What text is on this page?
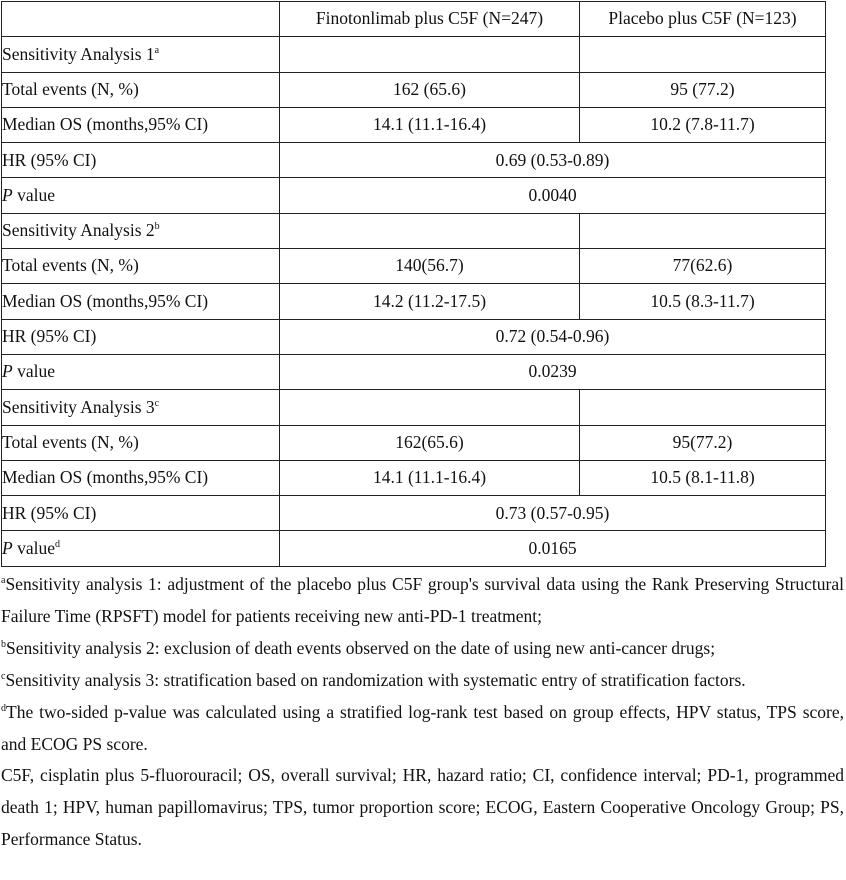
	Finotonlimab plus C5F (N=247)	Placebo plus C5F (N=123)
Sensitivity Analysis 1$^a$		
Total events (N, %)	162 (65.6)	95 (77.2)
Median OS (months,95% CI)	14.1 (11.1-16.4)	10.2 (7.8-11.7)
HR (95% CI)	0.69 (0.53-0.89)	
P value	0.0040	
Sensitivity Analysis 2$^b$		
Total events (N, %)	140(56.7)	77(62.6)
Median OS (months,95% CI)	14.2 (11.2-17.5)	10.5 (8.3-11.7)
HR (95% CI)	0.72 (0.54-0.96)	
P value	0.0239	
Sensitivity Analysis 3$^c$		
Total events (N, %)	162(65.6)	95(77.2)
Median OS (months,95% CI)	14.1 (11.1-16.4)	10.5 (8.1-11.8)
HR (95% CI)	0.73 (0.57-0.95)	
P value$^d$	0.0165	

$^a$Sensitivity analysis 1: adjustment of the placebo plus C5F group's survival data using the Rank Preserving Structural Failure Time (RPSFT) model for patients receiving new anti-PD-1 treatment;

$^b$Sensitivity analysis 2: exclusion of death events observed on the date of using new anti-cancer drugs;

$^c$Sensitivity analysis 3: stratification based on randomization with systematic entry of stratification factors.

$^d$The two-sided p-value was calculated using a stratified log-rank test based on group effects, HPV status, TPS score, and ECOG PS score.

C5F, cisplatin plus 5-fluorouracil; OS, overall survival; HR, hazard ratio; CI, confidence interval; PD-1, programmed death 1; HPV, human papillomavirus; TPS, tumor proportion score; ECOG, Eastern Cooperative Oncology Group; PS, Performance Status.
